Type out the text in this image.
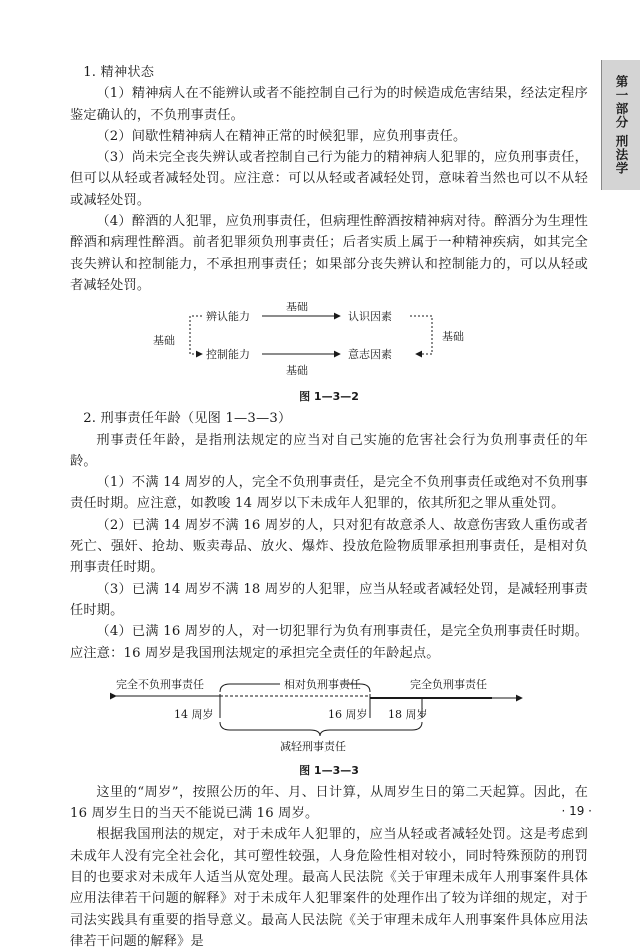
第一部分 刑法学

1. 精神状态

（1）精神病人在不能辨认或者不能控制自己行为的时候造成危害结果，经法定程序鉴定确认的，不负刑事责任。

（2）间歇性精神病人在精神正常的时候犯罪，应负刑事责任。

（3）尚未完全丧失辨认或者控制自己行为能力的精神病人犯罪的，应负刑事责任，但可以从轻或者减轻处罚。应注意：可以从轻或者减轻处罚，意味着当然也可以不从轻或减轻处罚。

（4）醉酒的人犯罪，应负刑事责任，但病理性醉酒按精神病对待。醉酒分为生理性醉酒和病理性醉酒。前者犯罪须负刑事责任；后者实质上属于一种精神疾病，如其完全丧失辨认和控制能力，不承担刑事责任；如果部分丧失辨认和控制能力的，可以从轻或者减轻处罚。

基础
辨认能力
控制能力
基础
基础
认识因素
意志因素
基础
图 1—3—2

2. 刑事责任年龄（见图 1—3—3）

刑事责任年龄，是指刑法规定的应当对自己实施的危害社会行为负刑事责任的年龄。

（1）不满 14 周岁的人，完全不负刑事责任，是完全不负刑事责任或绝对不负刑事责任时期。应注意，如教唆 14 周岁以下未成年人犯罪的，依其所犯之罪从重处罚。

（2）已满 14 周岁不满 16 周岁的人，只对犯有故意杀人、故意伤害致人重伤或者死亡、强奸、抢劫、贩卖毒品、放火、爆炸、投放危险物质罪承担刑事责任，是相对负刑事责任时期。

（3）已满 14 周岁不满 18 周岁的人犯罪，应当从轻或者减轻处罚，是减轻刑事责任时期。

（4）已满 16 周岁的人，对一切犯罪行为负有刑事责任，是完全负刑事责任时期。应注意：16 周岁是我国刑法规定的承担完全责任的年龄起点。

完全不负刑事责任	相对负刑事责任	完全负刑事责任
14 周岁	16 周岁 18 周岁
减轻刑事责任
图 1—3—3

这里的“周岁”，按照公历的年、月、日计算，从周岁生日的第二天起算。因此，在 16 周岁生日的当天不能说已满 16 周岁。

根据我国刑法的规定，对于未成年人犯罪的，应当从轻或者减轻处罚。这是考虑到未成年人没有完全社会化，其可塑性较强，人身危险性相对较小，同时特殊预防的刑罚目的也要求对未成年人适当从宽处理。最高人民法院《关于审理未成年人刑事案件具体应用法律若干问题的解释》对于未成年人犯罪案件的处理作出了较为详细的规定，对于司法实践具有重要的指导意义。最高人民法院《关于审理未成年人刑事案件具体应用法律若干问题的解释》是

· 19 ·
